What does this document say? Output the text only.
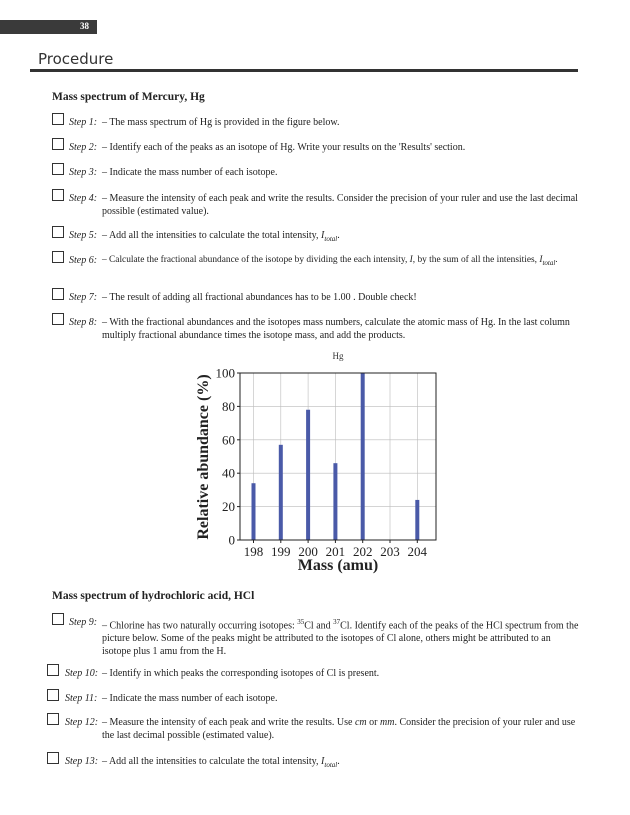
38
Procedure
Mass spectrum of Mercury, Hg
Step 1: – The mass spectrum of Hg is provided in the figure below.
Step 2: – Identify each of the peaks as an isotope of Hg. Write your results on the 'Results' section.
Step 3: – Indicate the mass number of each isotope.
Step 4: – Measure the intensity of each peak and write the results. Consider the precision of your ruler and use the last decimal possible (estimated value).
Step 5: – Add all the intensities to calculate the total intensity, $I_{total}$.
Step 6: – Calculate the fractional abundance of the isotope by dividing the each intensity, I, by the sum of all the intensities, $I_{total}$.
Step 7: – The result of adding all fractional abundances has to be 1.00 . Double check!
Step 8: – With the fractional abundances and the isotopes mass numbers, calculate the atomic mass of Hg. In the last column multiply fractional abundance times the isotope mass, and add the products.
Hg
0
20
40
60
80
100
198 199 200 201 202 203 204
Mass (amu)
Relative abundance (%)
Mass spectrum of hydrochloric acid, HCl
Step 9: – Chlorine has two naturally occurring isotopes: $^{35}$Cl and $^{37}$Cl. Identify each of the peaks of the HCl spectrum from the picture below. Some of the peaks might be attributed to the isotopes of Cl alone, others might be attributed to an isotope plus 1 amu from the H.
Step 10: – Identify in which peaks the corresponding isotopes of Cl is present.
Step 11: – Indicate the mass number of each isotope.
Step 12: – Measure the intensity of each peak and write the results. Use cm or mm. Consider the precision of your ruler and use the last decimal possible (estimated value).
Step 13: – Add all the intensities to calculate the total intensity, $I_{total}$.
